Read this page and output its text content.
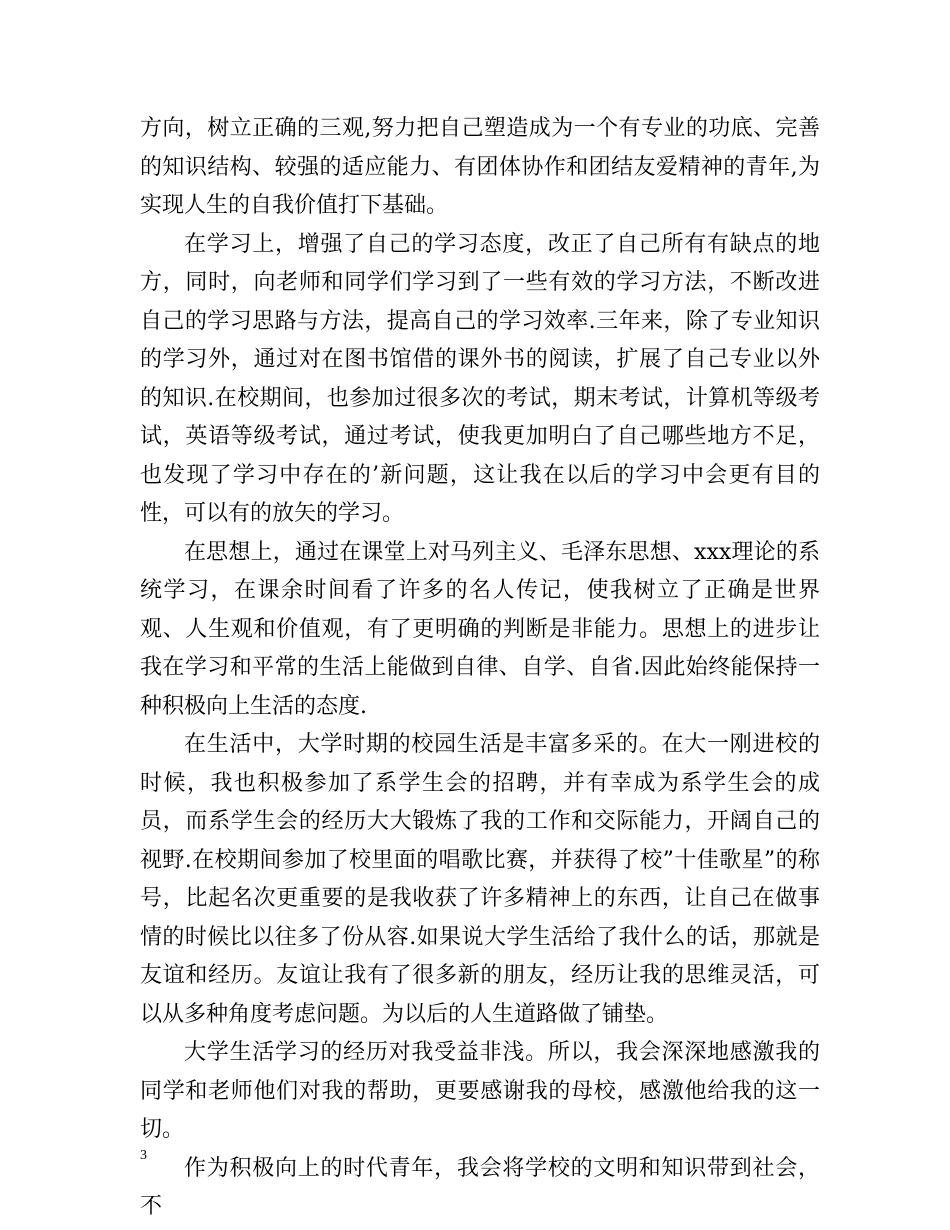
方向，树立正确的三观,努力把自己塑造成为一个有专业的功底、完善的知识结构、较强的适应能力、有团体协作和团结友爱精神的青年,为实现人生的自我价值打下基础。

在学习上，增强了自己的学习态度，改正了自己所有有缺点的地方，同时，向老师和同学们学习到了一些有效的学习方法，不断改进自己的学习思路与方法，提高自己的学习效率.三年来，除了专业知识的学习外，通过对在图书馆借的课外书的阅读，扩展了自己专业以外的知识.在校期间，也参加过很多次的考试，期末考试，计算机等级考试，英语等级考试，通过考试，使我更加明白了自己哪些地方不足，也发现了学习中存在的’新问题，这让我在以后的学习中会更有目的性，可以有的放矢的学习。

在思想上，通过在课堂上对马列主义、毛泽东思想、xxx理论的系统学习，在课余时间看了许多的名人传记，使我树立了正确是世界观、人生观和价值观，有了更明确的判断是非能力。思想上的进步让我在学习和平常的生活上能做到自律、自学、自省.因此始终能保持一种积极向上生活的态度.

在生活中，大学时期的校园生活是丰富多采的。在大一刚进校的时候，我也积极参加了系学生会的招聘，并有幸成为系学生会的成员，而系学生会的经历大大锻炼了我的工作和交际能力，开阔自己的视野.在校期间参加了校里面的唱歌比赛，并获得了校”十佳歌星”的称号，比起名次更重要的是我收获了许多精神上的东西，让自己在做事情的时候比以往多了份从容.如果说大学生活给了我什么的话，那就是友谊和经历。友谊让我有了很多新的朋友，经历让我的思维灵活，可以从多种角度考虑问题。为以后的人生道路做了铺垫。

大学生活学习的经历对我受益非浅。所以，我会深深地感激我的同学和老师他们对我的帮助，更要感谢我的母校，感激他给我的这一切。

作为积极向上的时代青年，我会将学校的文明和知识带到社会，不

3
